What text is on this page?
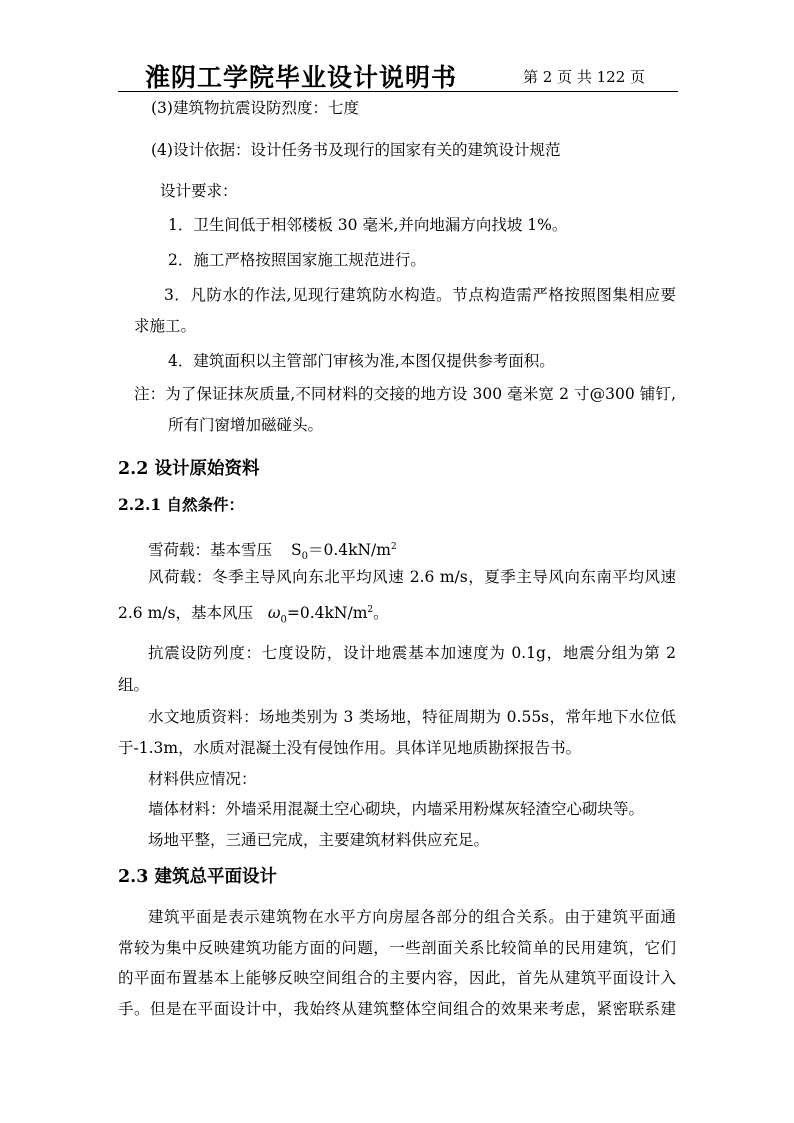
淮阴工学院毕业设计说明书	第 2 页 共 122 页
(3)建筑物抗震设防烈度：七度
(4)设计依据：设计任务书及现行的国家有关的建筑设计规范
设计要求：
1．卫生间低于相邻楼板 30 毫米,并向地漏方向找坡 1%。
2．施工严格按照国家施工规范进行。
3．凡防水的作法,见现行建筑防水构造。节点构造需严格按照图集相应要
求施工。
4．建筑面积以主管部门审核为准,本图仅提供参考面积。
注：为了保证抹灰质量,不同材料的交接的地方设 300 毫米宽 2 寸@300 铺钉,
所有门窗增加磁碰头。
2.2 设计原始资料
2.2.1 自然条件：
雪荷载：基本雪压 $S_0=0.4kN/m^2$
风荷载：冬季主导风向东北平均风速 2.6 m/s，夏季主导风向东南平均风速
2.6 m/s，基本风压 $\omega_0=0.4kN/m^2$。
抗震设防列度：七度设防，设计地震基本加速度为 0.1g，地震分组为第 2
组。
水文地质资料：场地类别为 3 类场地，特征周期为 0.55s，常年地下水位低
于-1.3m，水质对混凝土没有侵蚀作用。具体详见地质勘探报告书。
材料供应情况：
墙体材料：外墙采用混凝土空心砌块，内墙采用粉煤灰轻渣空心砌块等。
场地平整，三通已完成，主要建筑材料供应充足。
2.3 建筑总平面设计
建筑平面是表示建筑物在水平方向房屋各部分的组合关系。由于建筑平面通
常较为集中反映建筑功能方面的问题，一些剖面关系比较简单的民用建筑，它们
的平面布置基本上能够反映空间组合的主要内容，因此，首先从建筑平面设计入
手。但是在平面设计中，我始终从建筑整体空间组合的效果来考虑，紧密联系建
